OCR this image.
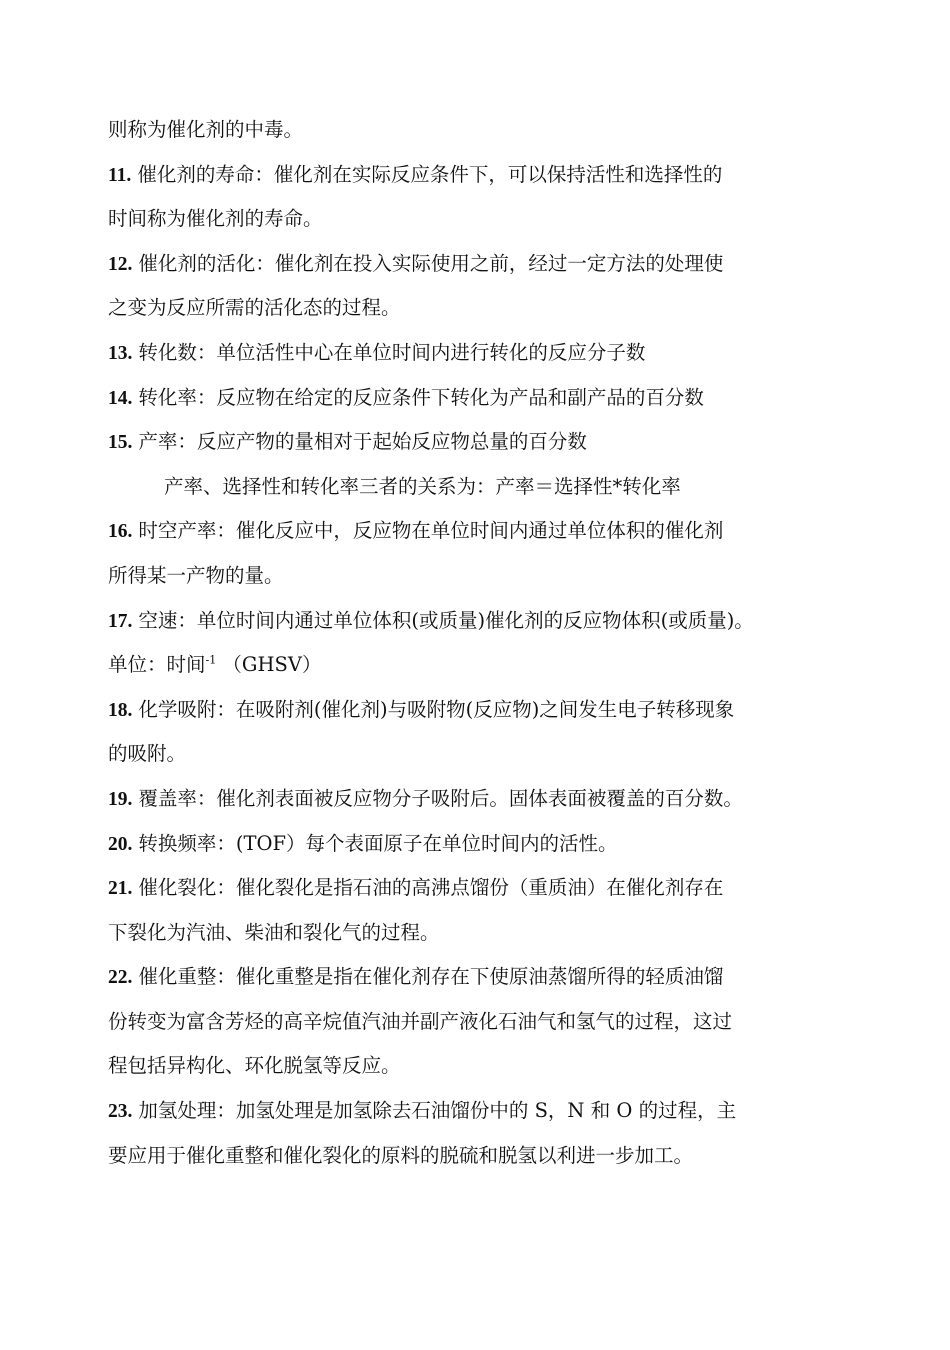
则称为催化剂的中毒。
11. 催化剂的寿命：催化剂在实际反应条件下，可以保持活性和选择性的
时间称为催化剂的寿命。
12. 催化剂的活化：催化剂在投入实际使用之前，经过一定方法的处理使
之变为反应所需的活化态的过程。
13. 转化数：单位活性中心在单位时间内进行转化的反应分子数
14. 转化率：反应物在给定的反应条件下转化为产品和副产品的百分数
15. 产率：反应产物的量相对于起始反应物总量的百分数
产率、选择性和转化率三者的关系为：产率＝选择性*转化率
16. 时空产率：催化反应中，反应物在单位时间内通过单位体积的催化剂
所得某一产物的量。
17. 空速：单位时间内通过单位体积(或质量)催化剂的反应物体积(或质量)。
单位：时间$^{-1}$ （GHSV）
18. 化学吸附：在吸附剂(催化剂)与吸附物(反应物)之间发生电子转移现象
的吸附。
19. 覆盖率：催化剂表面被反应物分子吸附后。固体表面被覆盖的百分数。
20. 转换频率：(TOF）每个表面原子在单位时间内的活性。
21. 催化裂化：催化裂化是指石油的高沸点馏份（重质油）在催化剂存在
下裂化为汽油、柴油和裂化气的过程。
22. 催化重整：催化重整是指在催化剂存在下使原油蒸馏所得的轻质油馏
份转变为富含芳烃的高辛烷值汽油并副产液化石油气和氢气的过程，这过
程包括异构化、环化脱氢等反应。
23. 加氢处理：加氢处理是加氢除去石油馏份中的 S，N 和 O 的过程，主
要应用于催化重整和催化裂化的原料的脱硫和脱氢以利进一步加工。
